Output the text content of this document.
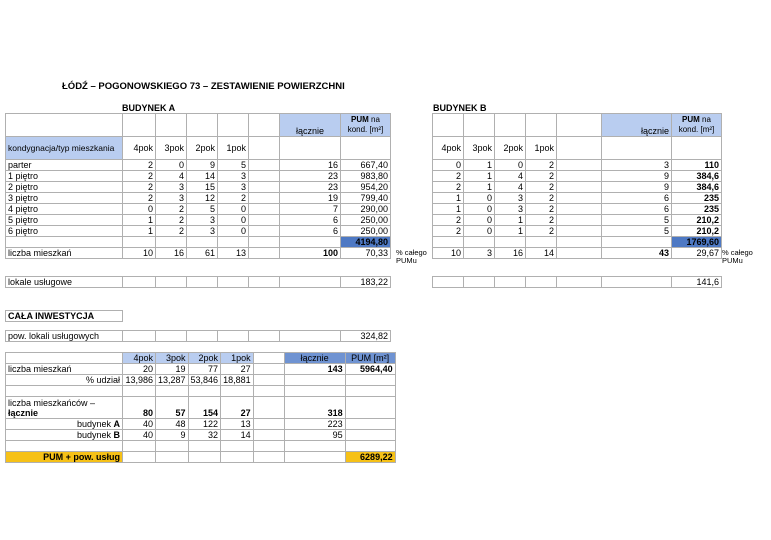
ŁÓDŹ – POGONOWSKIEGO 73 – ZESTAWIENIE POWIERZCHNI
BUDYNEK A
						łącznie	PUM na
kond. [m²]
kondygnacja/typ mieszkania	4pok	3pok	2pok	1pok			
parter	2	0	9	5		16	667,40
1 piętro	2	4	14	3		23	983,80
2 piętro	2	3	15	3		23	954,20
3 piętro	2	3	12	2		19	799,40
4 piętro	0	2	5	0		7	290,00
5 piętro	1	2	3	0		6	250,00
6 piętro	1	2	3	0		6	250,00
							4194,80
liczba mieszkań	10	16	61	13		100	70,33 % całego
PUMu
lokale usługowe							183,22
BUDYNEK B
					łącznie	PUM na
kond. [m²]
4pok	3pok	2pok	1pok			
0	1	0	2		3	110
2	1	4	2		9	384,6
2	1	4	2		9	384,6
1	0	3	2		6	235
1	0	3	2		6	235
2	0	1	2		5	210,2
2	0	1	2		5	210,2
						1769,60
10	3	16	14		43	29,67 % całego
PUMu
						141,6
CAŁA INWESTYCJA
pow. lokali usługowych							324,82
	4pok	3pok	2pok	1pok		łącznie	PUM [m²]
liczba mieszkań	20	19	77	27		143	5964,40
% udział	13,986	13,287	53,846	18,881			

liczba mieszkańców –
łącznie	80	57	154	27		318	
budynek A	40	48	122	13		223	
budynek B	40	9	32	14		95	

PUM + pow. usług							6289,22
